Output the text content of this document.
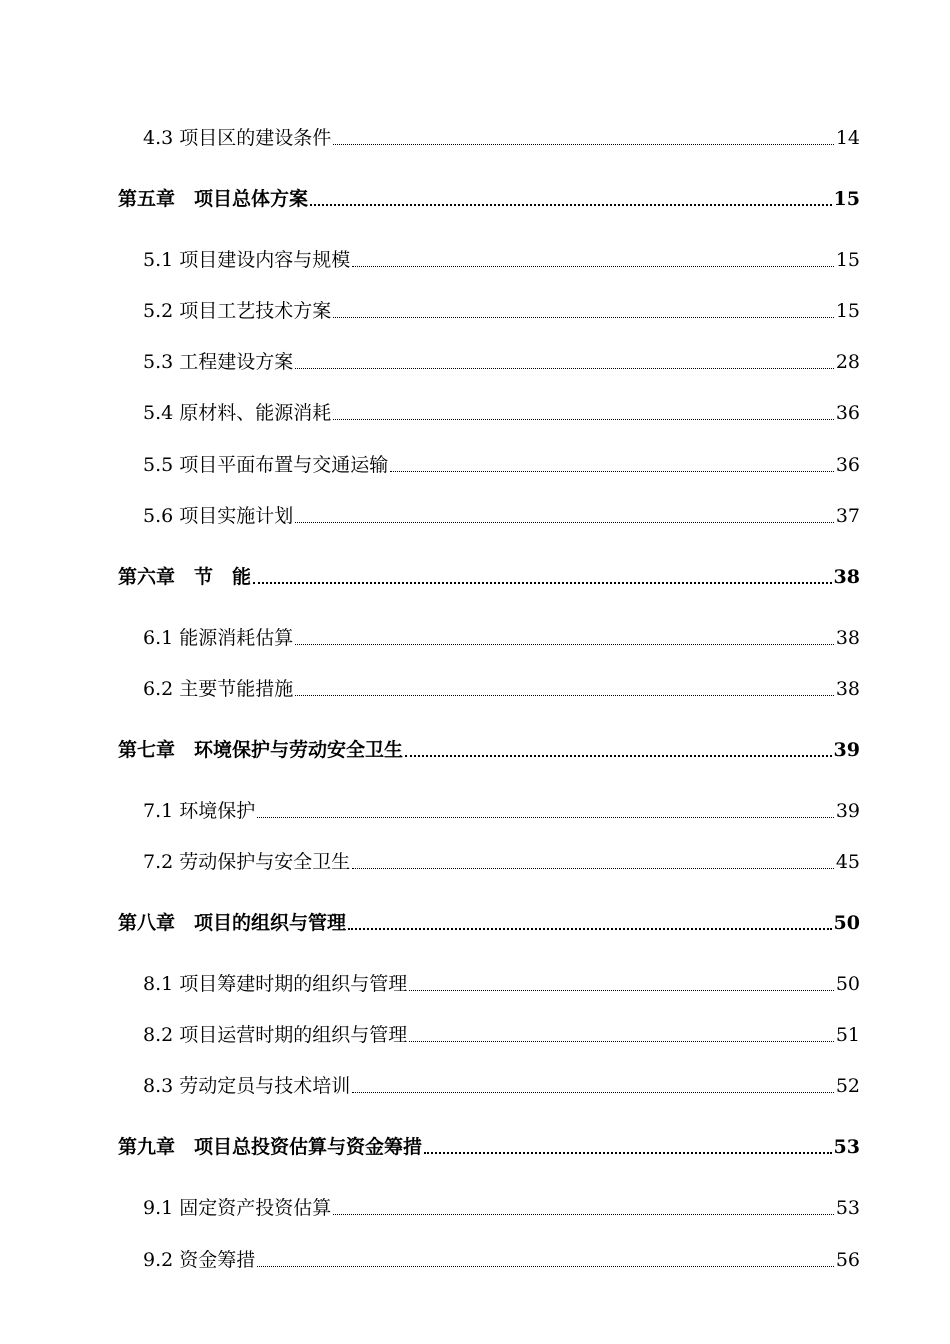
4.3 项目区的建设条件	14
第五章　项目总体方案	15
5.1 项目建设内容与规模	15
5.2 项目工艺技术方案	15
5.3 工程建设方案	28
5.4 原材料、能源消耗	36
5.5 项目平面布置与交通运输	36
5.6 项目实施计划	37
第六章　节　能	38
6.1 能源消耗估算	38
6.2 主要节能措施	38
第七章　环境保护与劳动安全卫生	39
7.1 环境保护	39
7.2 劳动保护与安全卫生	45
第八章　项目的组织与管理	50
8.1 项目筹建时期的组织与管理	50
8.2 项目运营时期的组织与管理	51
8.3 劳动定员与技术培训	52
第九章　项目总投资估算与资金筹措	53
9.1 固定资产投资估算	53
9.2 资金筹措	56
